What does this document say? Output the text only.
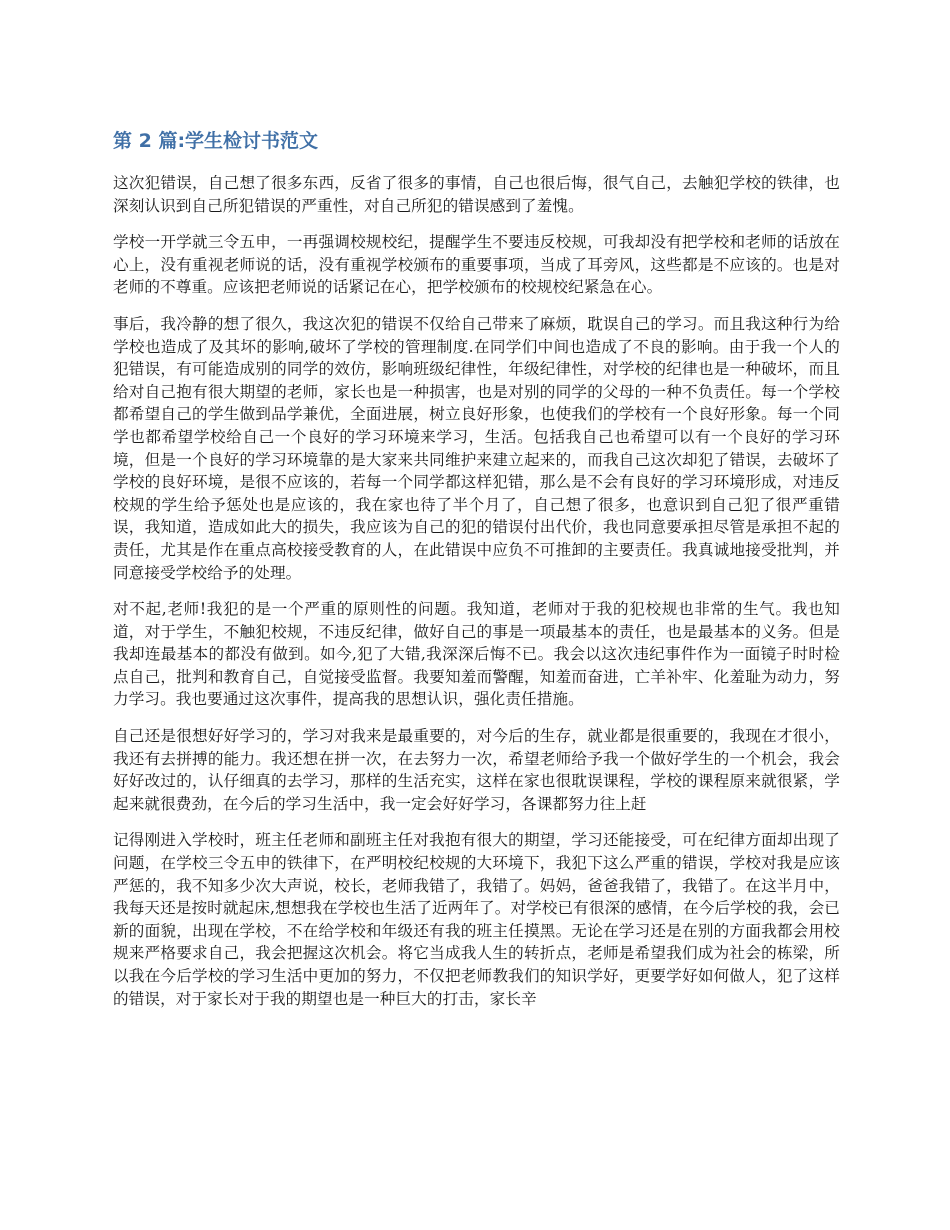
第 2 篇:学生检讨书范文

这次犯错误，自己想了很多东西，反省了很多的事情，自己也很后悔，很气自己，去触犯学校的铁律，也深刻认识到自己所犯错误的严重性，对自己所犯的错误感到了羞愧。

学校一开学就三令五申，一再强调校规校纪，提醒学生不要违反校规，可我却没有把学校和老师的话放在心上，没有重视老师说的话，没有重视学校颁布的重要事项，当成了耳旁风，这些都是不应该的。也是对老师的不尊重。应该把老师说的话紧记在心，把学校颁布的校规校纪紧急在心。

事后，我冷静的想了很久，我这次犯的错误不仅给自己带来了麻烦，耽误自己的学习。而且我这种行为给学校也造成了及其坏的影响,破坏了学校的管理制度.在同学们中间也造成了不良的影响。由于我一个人的犯错误，有可能造成别的同学的效仿，影响班级纪律性，年级纪律性，对学校的纪律也是一种破坏，而且给对自己抱有很大期望的老师，家长也是一种损害，也是对别的同学的父母的一种不负责任。每一个学校都希望自己的学生做到品学兼优，全面进展，树立良好形象，也使我们的学校有一个良好形象。每一个同学也都希望学校给自己一个良好的学习环境来学习，生活。包括我自己也希望可以有一个良好的学习环境，但是一个良好的学习环境靠的是大家来共同维护来建立起来的，而我自己这次却犯了错误，去破坏了学校的良好环境，是很不应该的，若每一个同学都这样犯错，那么是不会有良好的学习环境形成，对违反校规的学生给予惩处也是应该的，我在家也待了半个月了，自己想了很多，也意识到自己犯了很严重错误，我知道，造成如此大的损失，我应该为自己的犯的错误付出代价，我也同意要承担尽管是承担不起的责任，尤其是作在重点高校接受教育的人，在此错误中应负不可推卸的主要责任。我真诚地接受批判，并同意接受学校给予的处理。

对不起,老师!我犯的是一个严重的原则性的问题。我知道，老师对于我的犯校规也非常的生气。我也知道，对于学生，不触犯校规，不违反纪律，做好自己的事是一项最基本的责任，也是最基本的义务。但是我却连最基本的都没有做到。如今,犯了大错,我深深后悔不已。我会以这次违纪事件作为一面镜子时时检点自己，批判和教育自己，自觉接受监督。我要知羞而警醒，知羞而奋进，亡羊补牢、化羞耻为动力，努力学习。我也要通过这次事件，提高我的思想认识，强化责任措施。

自己还是很想好好学习的，学习对我来是最重要的，对今后的生存，就业都是很重要的，我现在才很小，我还有去拼搏的能力。我还想在拼一次，在去努力一次，希望老师给予我一个做好学生的一个机会，我会好好改过的，认仔细真的去学习，那样的生活充实，这样在家也很耽误课程，学校的课程原来就很紧，学起来就很费劲，在今后的学习生活中，我一定会好好学习，各课都努力往上赶

记得刚进入学校时，班主任老师和副班主任对我抱有很大的期望，学习还能接受，可在纪律方面却出现了问题，在学校三令五申的铁律下，在严明校纪校规的大环境下，我犯下这么严重的错误，学校对我是应该严惩的，我不知多少次大声说，校长，老师我错了，我错了。妈妈，爸爸我错了，我错了。在这半月中，我每天还是按时就起床,想想我在学校也生活了近两年了。对学校已有很深的感情，在今后学校的我，会已新的面貌，出现在学校，不在给学校和年级还有我的班主任摸黑。无论在学习还是在别的方面我都会用校规来严格要求自己，我会把握这次机会。将它当成我人生的转折点，老师是希望我们成为社会的栋梁，所以我在今后学校的学习生活中更加的努力，不仅把老师教我们的知识学好，更要学好如何做人，犯了这样的错误，对于家长对于我的期望也是一种巨大的打击，家长辛
